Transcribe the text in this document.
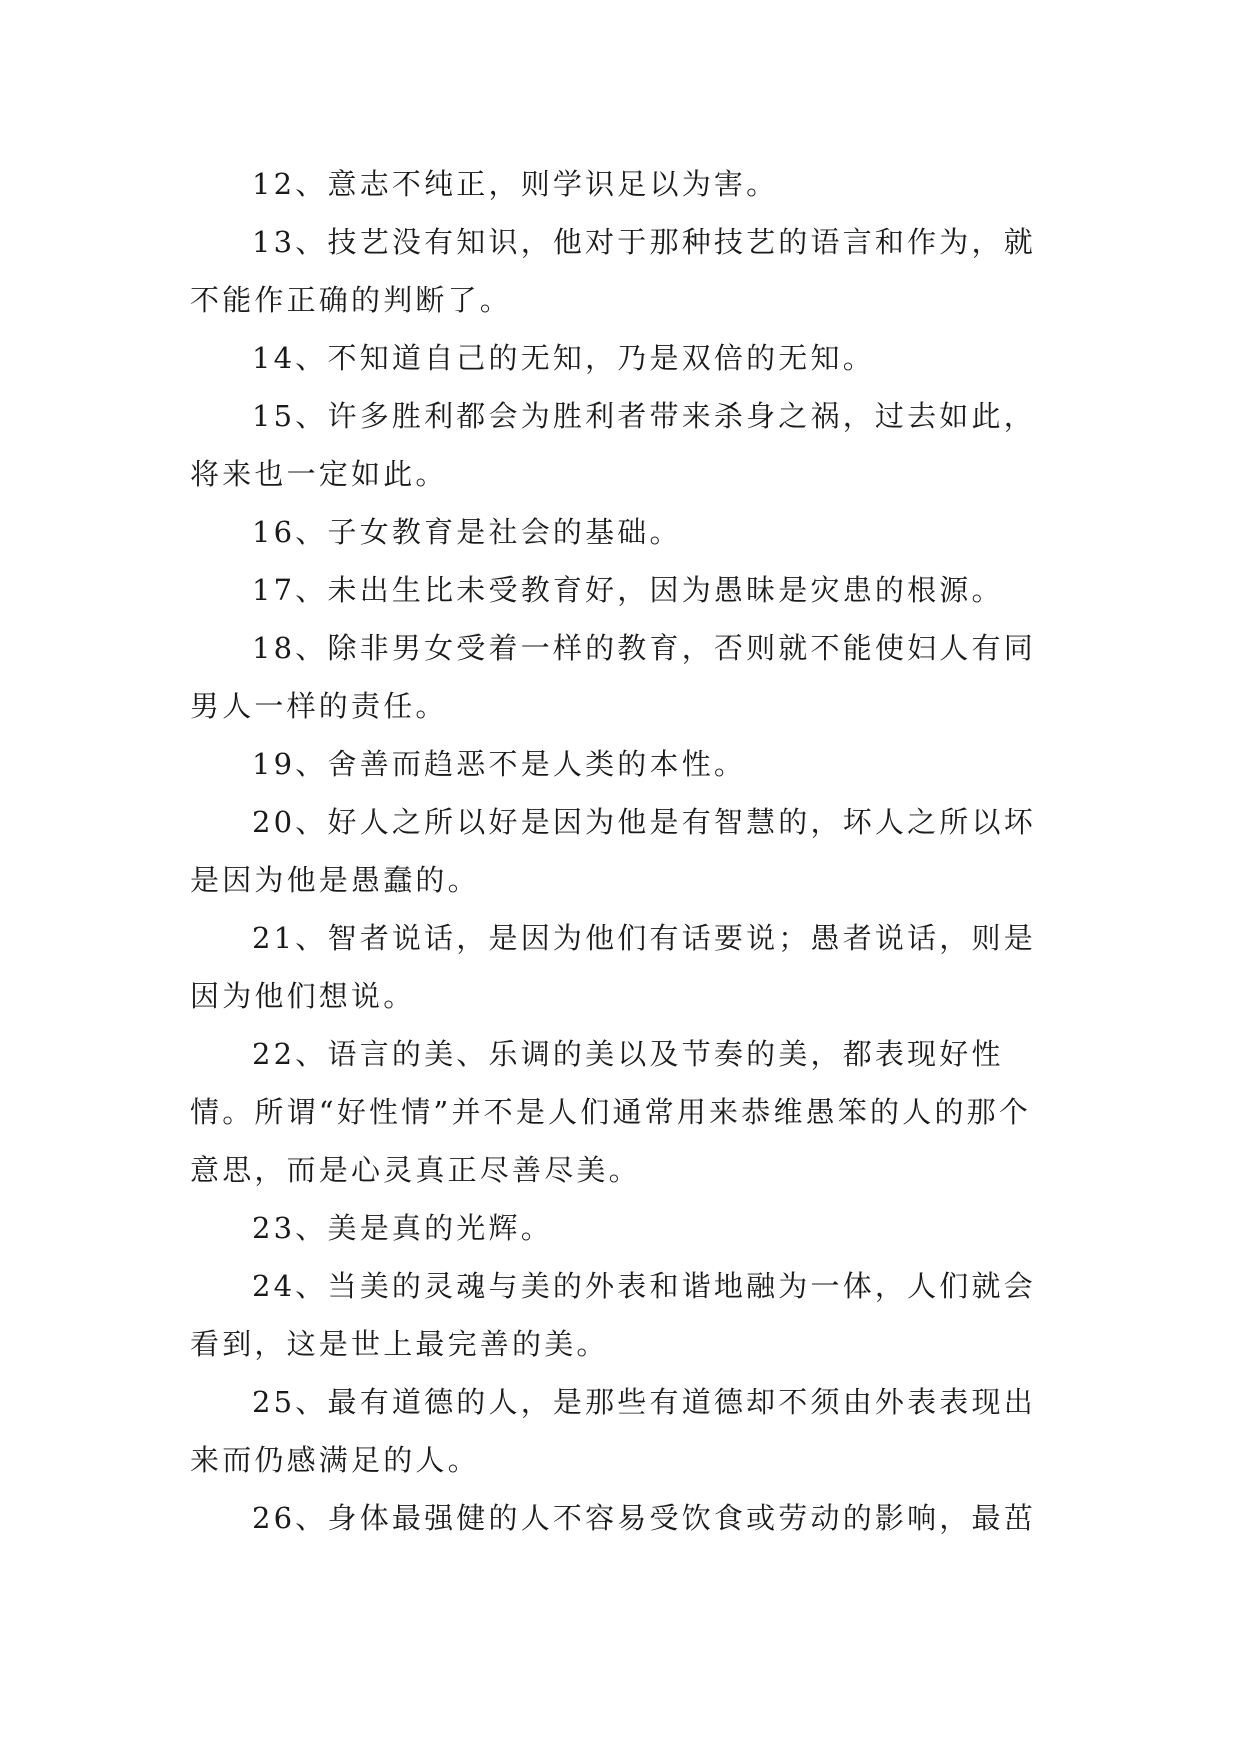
12、意志不纯正，则学识足以为害。

13、技艺没有知识，他对于那种技艺的语言和作为，就不能作正确的判断了。

14、不知道自己的无知，乃是双倍的无知。

15、许多胜利都会为胜利者带来杀身之祸，过去如此，将来也一定如此。

16、子女教育是社会的基础。

17、未出生比未受教育好，因为愚昧是灾患的根源。

18、除非男女受着一样的教育，否则就不能使妇人有同男人一样的责任。

19、舍善而趋恶不是人类的本性。

20、好人之所以好是因为他是有智慧的，坏人之所以坏是因为他是愚蠢的。

21、智者说话，是因为他们有话要说；愚者说话，则是因为他们想说。

22、语言的美、乐调的美以及节奏的美，都表现好性情。所谓“好性情”并不是人们通常用来恭维愚笨的人的那个意思，而是心灵真正尽善尽美。

23、美是真的光辉。

24、当美的灵魂与美的外表和谐地融为一体，人们就会看到，这是世上最完善的美。

25、最有道德的人，是那些有道德却不须由外表表现出来而仍感满足的人。

26、身体最强健的人不容易受饮食或劳动的影响，最茁
